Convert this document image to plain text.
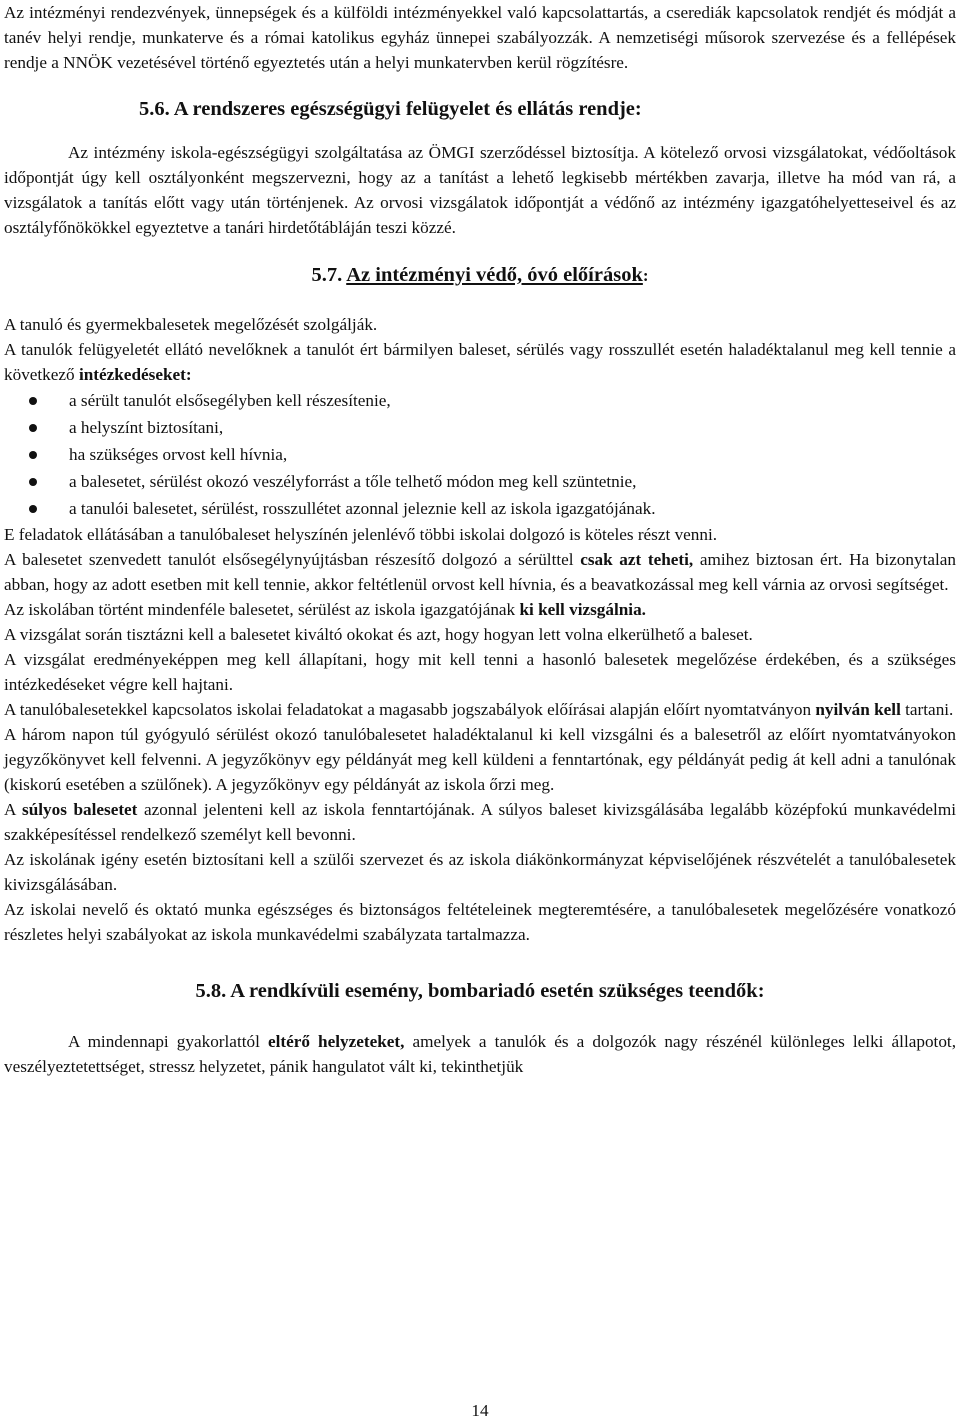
Az intézményi rendezvények, ünnepségek és a külföldi intézményekkel való kapcsolattartás, a cserediák kapcsolatok rendjét és módját a tanév helyi rendje, munkaterve és a római katolikus egyház ünnepei szabályozzák. A nemzetiségi műsorok szervezése és a fellépések rendje a NNÖK vezetésével történő egyeztetés után a helyi munkatervben kerül rögzítésre.

5.6. A rendszeres egészségügyi felügyelet és ellátás rendje:

Az intézmény iskola-egészségügyi szolgáltatása az ÖMGI szerződéssel biztosítja. A kötelező orvosi vizsgálatokat, védőoltások időpontját úgy kell osztályonként megszervezni, hogy az a tanítást a lehető legkisebb mértékben zavarja, illetve ha mód van rá, a vizsgálatok a tanítás előtt vagy után történjenek. Az orvosi vizsgálatok időpontját a védőnő az intézmény igazgatóhelyetteseivel és az osztályfőnökökkel egyeztetve a tanári hirdetőtábláján teszi közzé.

5.7. Az intézményi védő, óvó előírások:

A tanuló és gyermekbalesetek megelőzését szolgálják.

A tanulók felügyeletét ellátó nevelőknek a tanulót ért bármilyen baleset, sérülés vagy rosszullét esetén haladéktalanul meg kell tennie a következő intézkedéseket:

a sérült tanulót elsősegélyben kell részesítenie,
a helyszínt biztosítani,
ha szükséges orvost kell hívnia,
a balesetet, sérülést okozó veszélyforrást a tőle telhető módon meg kell szüntetnie,
a tanulói balesetet, sérülést, rosszullétet azonnal jeleznie kell az iskola igazgatójának.

E feladatok ellátásában a tanulóbaleset helyszínén jelenlévő többi iskolai dolgozó is köteles részt venni.

A balesetet szenvedett tanulót elsősegélynyújtásban részesítő dolgozó a sérülttel csak azt teheti, amihez biztosan ért. Ha bizonytalan abban, hogy az adott esetben mit kell tennie, akkor feltétlenül orvost kell hívnia, és a beavatkozással meg kell várnia az orvosi segítséget.

Az iskolában történt mindenféle balesetet, sérülést az iskola igazgatójának ki kell vizsgálnia.

A vizsgálat során tisztázni kell a balesetet kiváltó okokat és azt, hogy hogyan lett volna elkerülhető a baleset.

A vizsgálat eredményeképpen meg kell állapítani, hogy mit kell tenni a hasonló balesetek megelőzése érdekében, és a szükséges intézkedéseket végre kell hajtani.

A tanulóbalesetekkel kapcsolatos iskolai feladatokat a magasabb jogszabályok előírásai alapján előírt nyomtatványon nyilván kell tartani.

A három napon túl gyógyuló sérülést okozó tanulóbalesetet haladéktalanul ki kell vizsgálni és a balesetről az előírt nyomtatványokon jegyzőkönyvet kell felvenni. A jegyzőkönyv egy példányát meg kell küldeni a fenntartónak, egy példányát pedig át kell adni a tanulónak (kiskorú esetében a szülőnek). A jegyzőkönyv egy példányát az iskola őrzi meg.

A súlyos balesetet azonnal jelenteni kell az iskola fenntartójának. A súlyos baleset kivizsgálásába legalább középfokú munkavédelmi szakképesítéssel rendelkező személyt kell bevonni.

Az iskolának igény esetén biztosítani kell a szülői szervezet és az iskola diákönkormányzat képviselőjének részvételét a tanulóbalesetek kivizsgálásában.

Az iskolai nevelő és oktató munka egészséges és biztonságos feltételeinek megteremtésére, a tanulóbalesetek megelőzésére vonatkozó részletes helyi szabályokat az iskola munkavédelmi szabályzata tartalmazza.

5.8. A rendkívüli esemény, bombariadó esetén szükséges teendők:

A mindennapi gyakorlattól eltérő helyzeteket, amelyek a tanulók és a dolgozók nagy részénél különleges lelki állapotot, veszélyeztetettséget, stressz helyzetet, pánik hangulatot vált ki, tekinthetjük

14
